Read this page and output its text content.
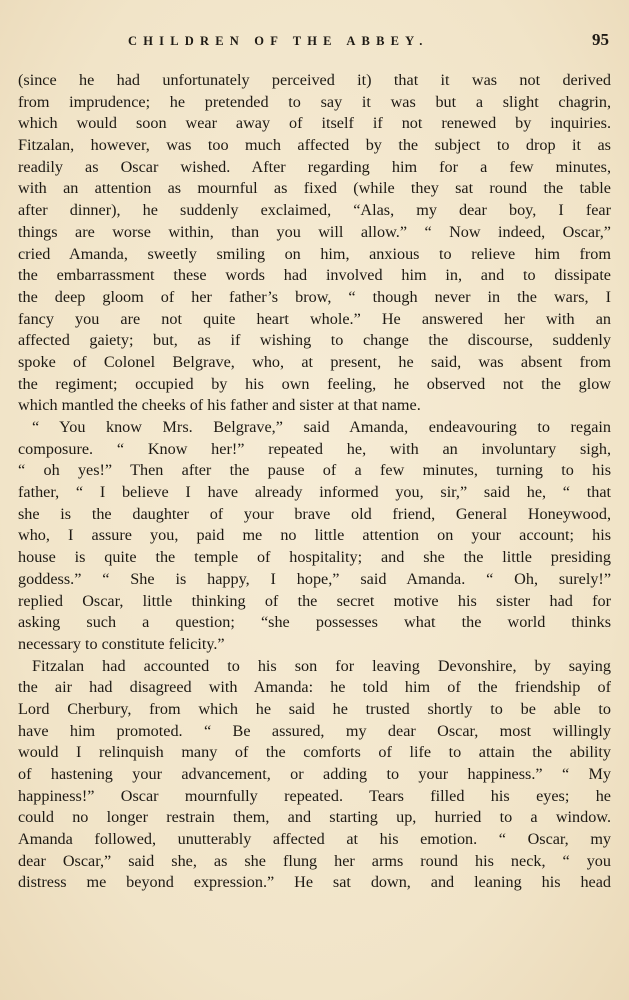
CHILDREN OF THE ABBEY.	95
(since he had unfortunately perceived it) that it was not derived
from imprudence; he pretended to say it was but a slight chagrin,
which would soon wear away of itself if not renewed by inquiries.
Fitzalan, however, was too much affected by the subject to drop it as
readily as Oscar wished. After regarding him for a few minutes,
with an attention as mournful as fixed (while they sat round the table
after dinner), he suddenly exclaimed, “Alas, my dear boy, I fear
things are worse within, than you will allow.” “ Now indeed, Oscar,”
cried Amanda, sweetly smiling on him, anxious to relieve him from
the embarrassment these words had involved him in, and to dissipate
the deep gloom of her father’s brow, “ though never in the wars, I
fancy you are not quite heart whole.” He answered her with an
affected gaiety; but, as if wishing to change the discourse, suddenly
spoke of Colonel Belgrave, who, at present, he said, was absent from
the regiment; occupied by his own feeling, he observed not the glow
which mantled the cheeks of his father and sister at that name.
“ You know Mrs. Belgrave,” said Amanda, endeavouring to regain
composure. “ Know her!” repeated he, with an involuntary sigh,
“ oh yes!” Then after the pause of a few minutes, turning to his
father, “ I believe I have already informed you, sir,” said he, “ that
she is the daughter of your brave old friend, General Honeywood,
who, I assure you, paid me no little attention on your account; his
house is quite the temple of hospitality; and she the little presiding
goddess.” “ She is happy, I hope,” said Amanda. “ Oh, surely!”
replied Oscar, little thinking of the secret motive his sister had for
asking such a question; “she possesses what the world thinks
necessary to constitute felicity.”
Fitzalan had accounted to his son for leaving Devonshire, by saying
the air had disagreed with Amanda: he told him of the friendship of
Lord Cherbury, from which he said he trusted shortly to be able to
have him promoted. “ Be assured, my dear Oscar, most willingly
would I relinquish many of the comforts of life to attain the ability
of hastening your advancement, or adding to your happiness.” “ My
happiness!” Oscar mournfully repeated. Tears filled his eyes; he
could no longer restrain them, and starting up, hurried to a window.
Amanda followed, unutterably affected at his emotion. “ Oscar, my
dear Oscar,” said she, as she flung her arms round his neck, “ you
distress me beyond expression.” He sat down, and leaning his head
